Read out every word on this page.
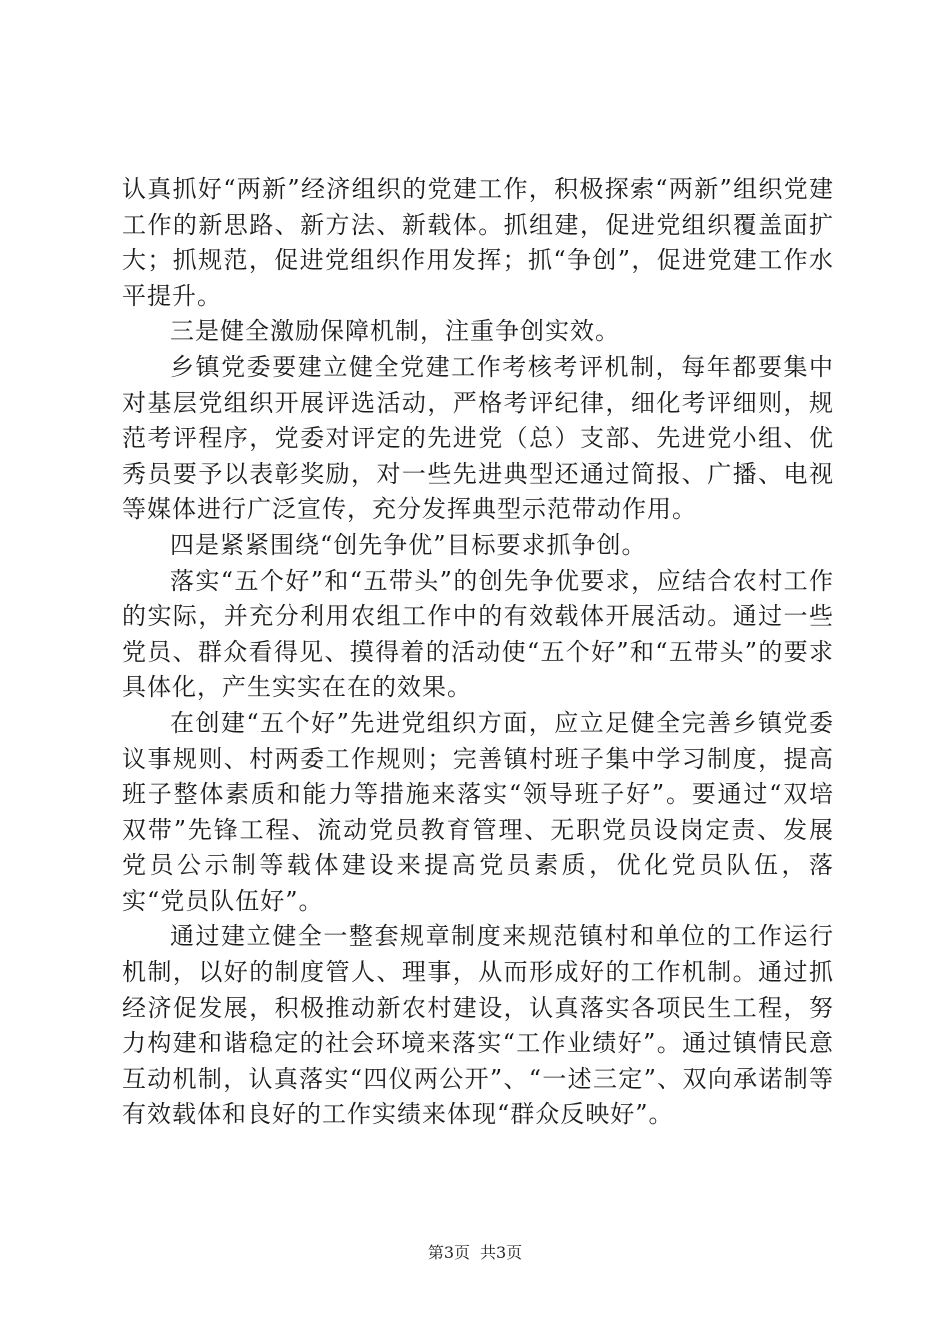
认真抓好“两新”经济组织的党建工作，积极探索“两新”组织党建工作的新思路、新方法、新载体。抓组建，促进党组织覆盖面扩大；抓规范，促进党组织作用发挥；抓“争创”，促进党建工作水平提升。

三是健全激励保障机制，注重争创实效。

乡镇党委要建立健全党建工作考核考评机制，每年都要集中对基层党组织开展评选活动，严格考评纪律，细化考评细则，规范考评程序，党委对评定的先进党（总）支部、先进党小组、优秀员要予以表彰奖励，对一些先进典型还通过简报、广播、电视等媒体进行广泛宣传，充分发挥典型示范带动作用。

四是紧紧围绕“创先争优”目标要求抓争创。

落实“五个好”和“五带头”的创先争优要求，应结合农村工作的实际，并充分利用农组工作中的有效载体开展活动。通过一些党员、群众看得见、摸得着的活动使“五个好”和“五带头”的要求具体化，产生实实在在的效果。

在创建“五个好”先进党组织方面，应立足健全完善乡镇党委议事规则、村两委工作规则；完善镇村班子集中学习制度，提高班子整体素质和能力等措施来落实“领导班子好”。要通过“双培双带”先锋工程、流动党员教育管理、无职党员设岗定责、发展党员公示制等载体建设来提高党员素质，优化党员队伍，落实“党员队伍好”。

通过建立健全一整套规章制度来规范镇村和单位的工作运行机制，以好的制度管人、理事，从而形成好的工作机制。通过抓经济促发展，积极推动新农村建设，认真落实各项民生工程，努力构建和谐稳定的社会环境来落实“工作业绩好”。通过镇情民意互动机制，认真落实“四仪两公开”、“一述三定”、双向承诺制等有效载体和良好的工作实绩来体现“群众反映好”。

第3页 共3页
